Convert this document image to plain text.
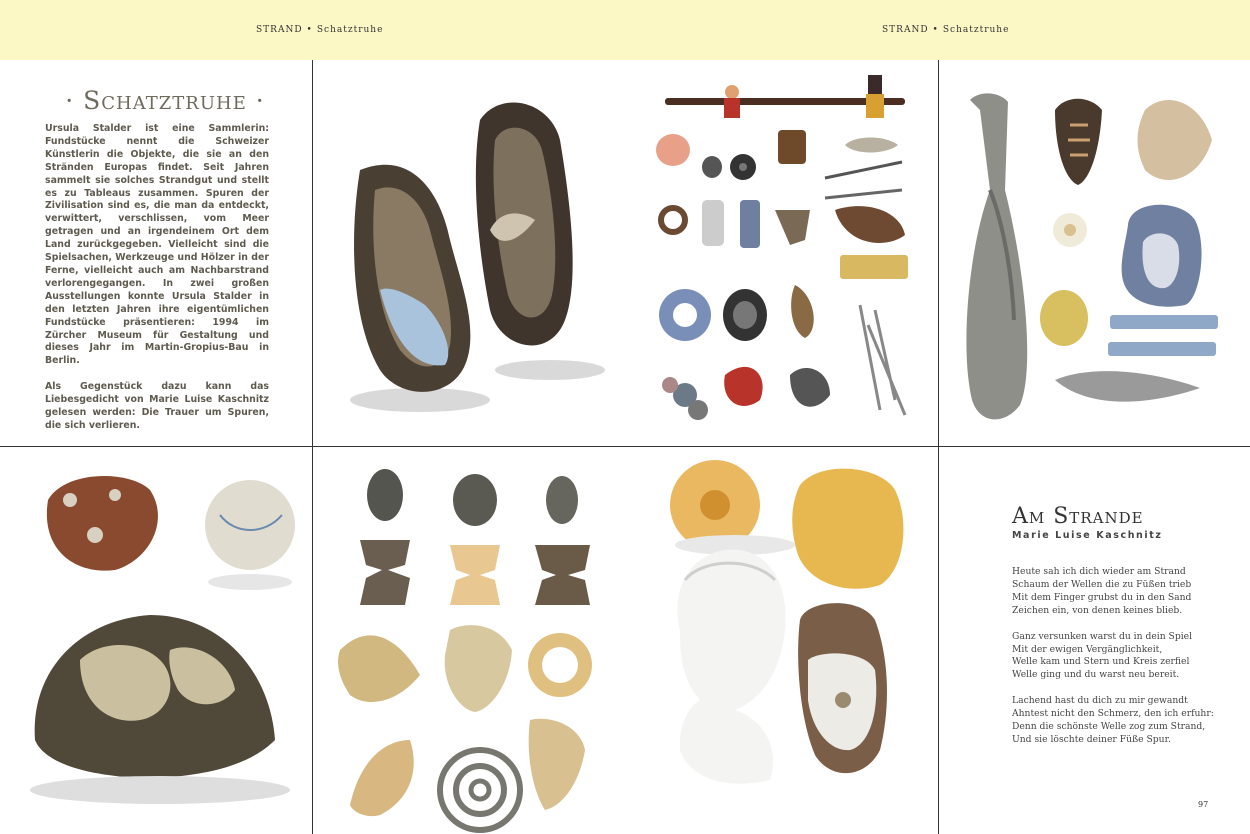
STRAND • Schatztruhe	STRAND • Schatztruhe
· Schatztruhe ·

Ursula Stalder ist eine Sammlerin: Fundstücke nennt die Schweizer Künstlerin die Objekte, die sie an den Stränden Europas findet. Seit Jahren sammelt sie solches Strandgut und stellt es zu Tableaus zusammen. Spuren der Zivilisation sind es, die man da entdeckt, verwittert, verschlissen, vom Meer getragen und an irgendeinem Ort dem Land zurückgegeben. Vielleicht sind die Spielsachen, Werkzeuge und Hölzer in der Ferne, vielleicht auch am Nachbarstrand verlorengegangen. In zwei großen Ausstellungen konnte Ursula Stalder in den letzten Jahren ihre eigentümlichen Fundstücke präsentieren: 1994 im Zürcher Museum für Gestaltung und dieses Jahr im Martin-Gropius-Bau in Berlin.

Als Gegenstück dazu kann das Liebesgedicht von Marie Luise Kaschnitz gelesen werden: Die Trauer um Spuren, die sich verlieren.

Am Strande
Marie Luise Kaschnitz
Heute sah ich dich wieder am Strand
Schaum der Wellen die zu Füßen trieb
Mit dem Finger grubst du in den Sand
Zeichen ein, von denen keines blieb.
Ganz versunken warst du in dein Spiel
Mit der ewigen Vergänglichkeit,
Welle kam und Stern und Kreis zerfiel
Welle ging und du warst neu bereit.
Lachend hast du dich zu mir gewandt
Ahntest nicht den Schmerz, den ich erfuhr:
Denn die schönste Welle zog zum Strand,
Und sie löschte deiner Füße Spur.
97
